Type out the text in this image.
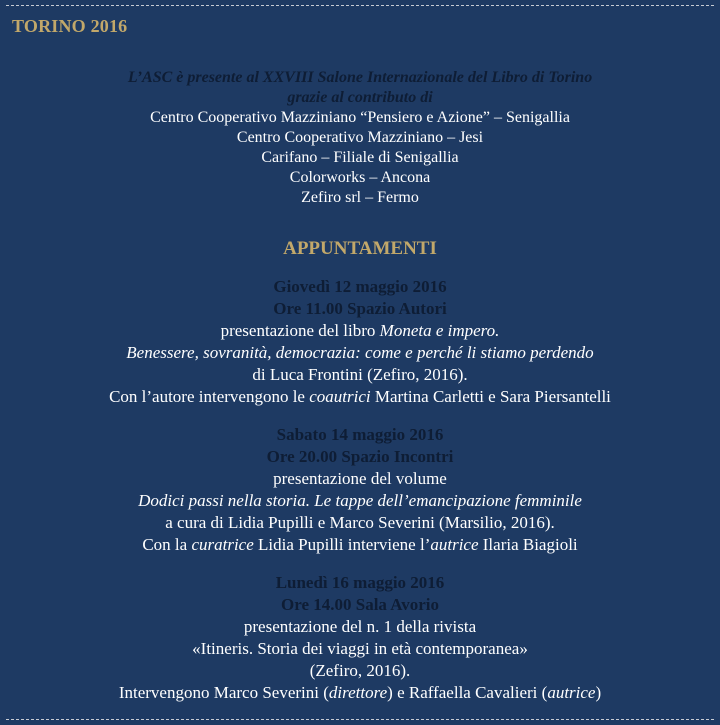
TORINO 2016
L’ASC è presente al XXVIII Salone Internazionale del Libro di Torino
grazie al contributo di
Centro Cooperativo Mazziniano “Pensiero e Azione” – Senigallia
Centro Cooperativo Mazziniano – Jesi
Carifano – Filiale di Senigallia
Colorworks – Ancona
Zefiro srl – Fermo
APPUNTAMENTI
Giovedì 12 maggio 2016
Ore 11.00 Spazio Autori
presentazione del libro Moneta e impero.
Benessere, sovranità, democrazia: come e perché li stiamo perdendo
di Luca Frontini (Zefiro, 2016).
Con l’autore intervengono le coautrici Martina Carletti e Sara Piersantelli
Sabato 14 maggio 2016
Ore 20.00 Spazio Incontri
presentazione del volume
Dodici passi nella storia. Le tappe dell’emancipazione femminile
a cura di Lidia Pupilli e Marco Severini (Marsilio, 2016).
Con la curatrice Lidia Pupilli interviene l’autrice Ilaria Biagioli
Lunedì 16 maggio 2016
Ore 14.00 Sala Avorio
presentazione del n. 1 della rivista
«Itineris. Storia dei viaggi in età contemporanea»
(Zefiro, 2016).
Intervengono Marco Severini (direttore) e Raffaella Cavalieri (autrice)
